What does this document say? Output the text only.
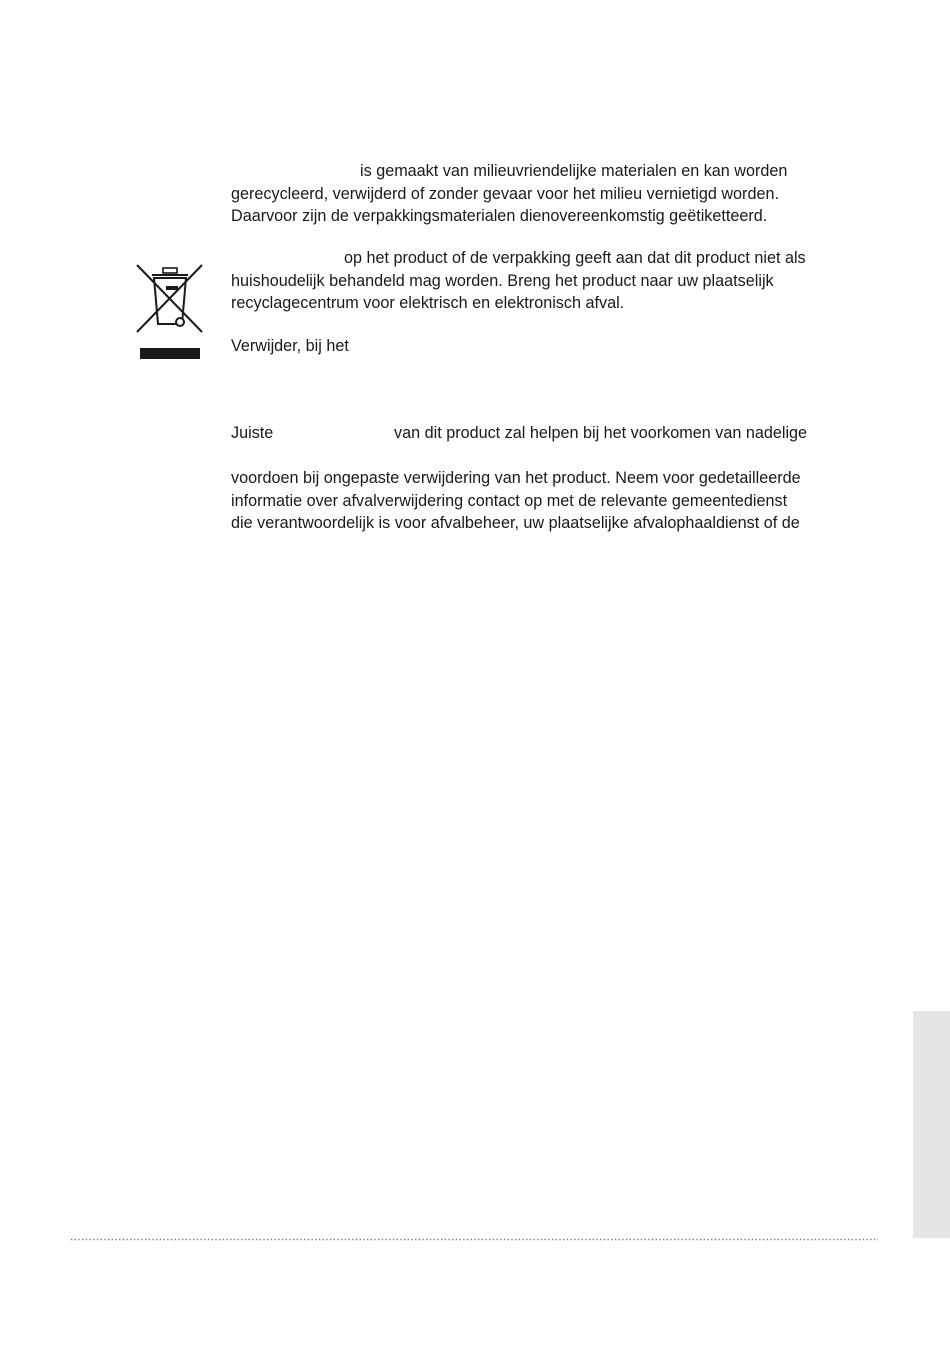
is gemaakt van milieuvriendelijke materialen en kan worden
gerecycleerd, verwijderd of zonder gevaar voor het milieu vernietigd worden.
Daarvoor zijn de verpakkingsmaterialen dienovereenkomstig geëtiketteerd.
op het product of de verpakking geeft aan dat dit product niet als
huishoudelijk behandeld mag worden. Breng het product naar uw plaatselijk
recyclagecentrum voor elektrisch en elektronisch afval.
Verwijder, bij het
Juiste	van dit product zal helpen bij het voorkomen van nadelige
voordoen bij ongepaste verwijdering van het product. Neem voor gedetailleerde
informatie over afvalverwijdering contact op met de relevante gemeentedienst
die verantwoordelijk is voor afvalbeheer, uw plaatselijke afvalophaaldienst of de
